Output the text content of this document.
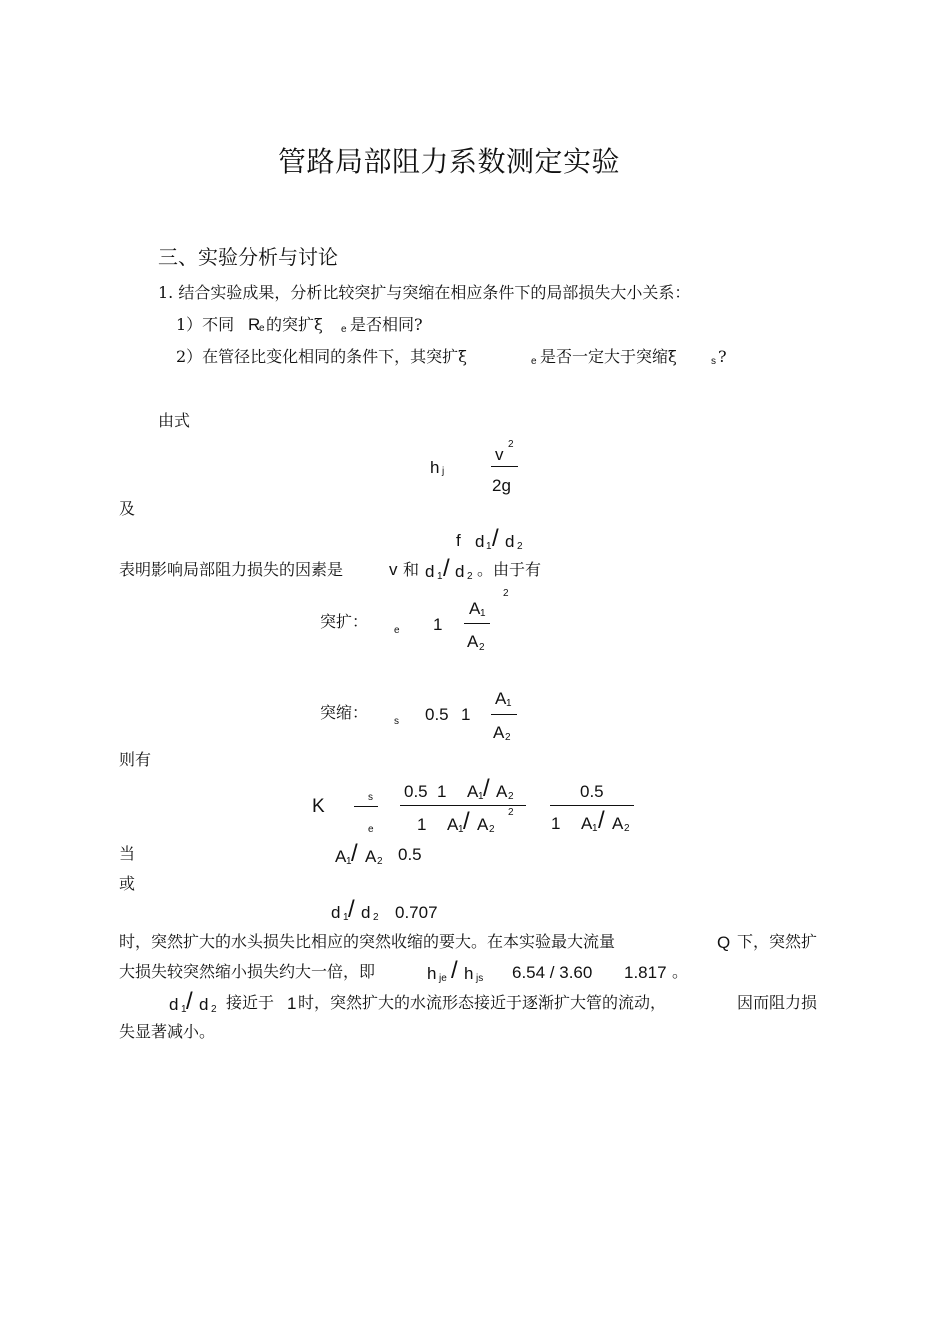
管路局部阻力系数测定实验
三、实验分析与讨论
1. 结合实验成果，分析比较突扩与突缩在相应条件下的局部损失大小关系：
1）不同 R
e 的突扩ξ e 是否相同?
2）在管径比变化相同的条件下，其突扩ξ	e 是否一定大于突缩ξ	s ?
由式
h j
v
2
2g
及
f d 1 / d 2
表明影响局部阻力损失的因素是	v 和 d 1 / d 2 。由于有
2
突扩：	e 1
A 1
A 2
突缩：	s 0.5 1
A 1
A 2
则有
K	s
e
0.5 1 A 1 / A 2
2
1 A 1 / A 2
0.5
1 A 1 / A 2
当	A 1 / A 2 0.5
或
d 1 / d 2 0.707
时，突然扩大的水头损失比相应的突然收缩的要大。在本实验最大流量	Q 下，突然扩
大损失较突然缩小损失约大一倍，即	h je / h js 6.54 / 3.60 1.817 。
d 1 / d 2 接近于 1 时，突然扩大的水流形态接近于逐渐扩大管的流动，	因而阻力损
失显著减小。
